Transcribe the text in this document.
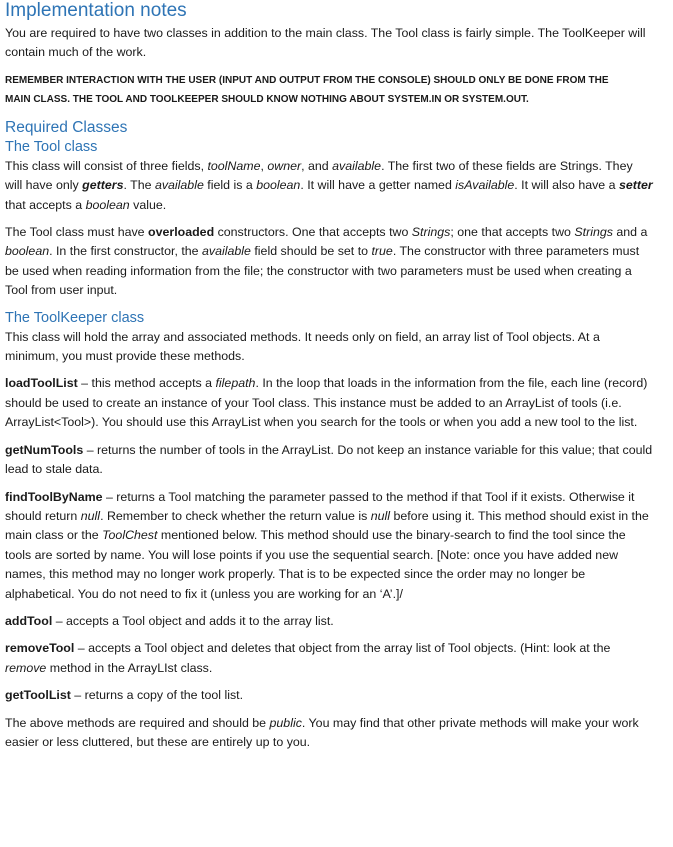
Implementation notes

You are required to have two classes in addition to the main class. The Tool class is fairly simple. The ToolKeeper will contain much of the work.

REMEMBER INTERACTION WITH THE USER (INPUT AND OUTPUT FROM THE CONSOLE) SHOULD ONLY BE DONE FROM THE
MAIN CLASS. THE TOOL AND TOOLKEEPER SHOULD KNOW NOTHING ABOUT SYSTEM.IN OR SYSTEM.OUT.

Required Classes
The Tool class

This class will consist of three fields, toolName, owner, and available. The first two of these fields are Strings. They will have only getters. The available field is a boolean. It will have a getter named isAvailable. It will also have a setter that accepts a boolean value.

The Tool class must have overloaded constructors. One that accepts two Strings; one that accepts two Strings and a boolean. In the first constructor, the available field should be set to true. The constructor with three parameters must be used when reading information from the file; the constructor with two parameters must be used when creating a Tool from user input.

The ToolKeeper class

This class will hold the array and associated methods. It needs only on field, an array list of Tool objects. At a minimum, you must provide these methods.

loadToolList – this method accepts a filepath. In the loop that loads in the information from the file, each line (record) should be used to create an instance of your Tool class. This instance must be added to an ArrayList of tools (i.e. ArrayList<Tool>). You should use this ArrayList when you search for the tools or when you add a new tool to the list.

getNumTools – returns the number of tools in the ArrayList. Do not keep an instance variable for this value; that could lead to stale data.

findToolByName – returns a Tool matching the parameter passed to the method if that Tool if it exists. Otherwise it should return null. Remember to check whether the return value is null before using it. This method should exist in the main class or the ToolChest mentioned below. This method should use the binary-search to find the tool since the tools are sorted by name. You will lose points if you use the sequential search. [Note: once you have added new names, this method may no longer work properly. That is to be expected since the order may no longer be alphabetical. You do not need to fix it (unless you are working for an ‘A’.]/

addTool – accepts a Tool object and adds it to the array list.

removeTool – accepts a Tool object and deletes that object from the array list of Tool objects. (Hint: look at the remove method in the ArrayLIst class.

getToolList – returns a copy of the tool list.

The above methods are required and should be public. You may find that other private methods will make your work easier or less cluttered, but these are entirely up to you.
